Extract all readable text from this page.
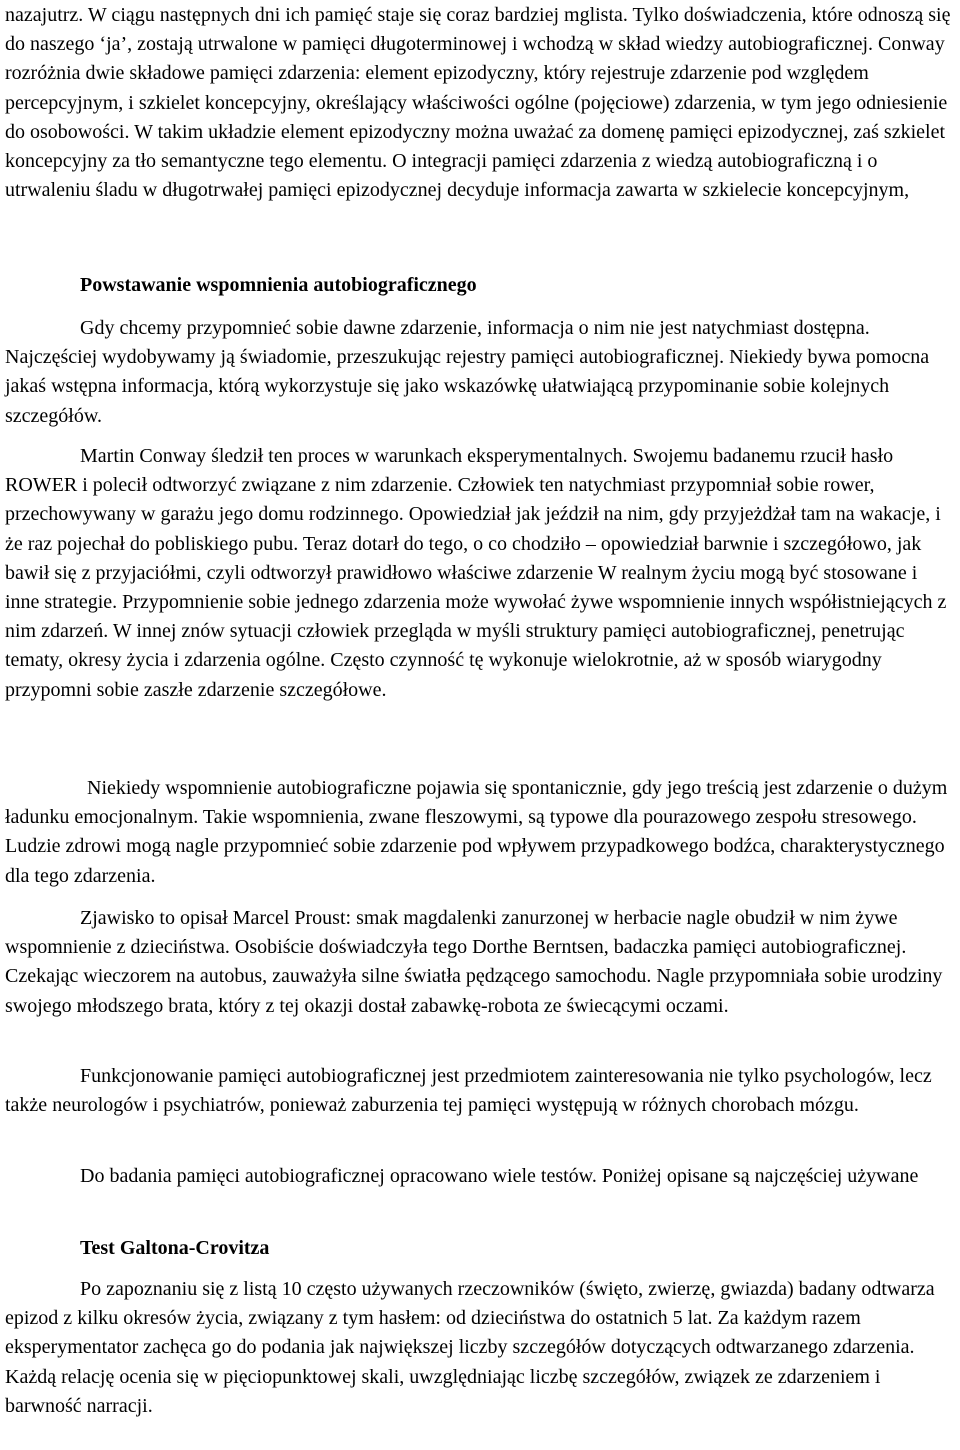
nazajutrz. W ciągu następnych dni ich pamięć staje się coraz bardziej mglista. Tylko doświadczenia, które odnoszą się do naszego ‘ja’, zostają utrwalone w pamięci długoterminowej i wchodzą w skład wiedzy autobiograficznej. Conway rozróżnia dwie składowe pamięci zdarzenia: element epizodyczny, który rejestruje zdarzenie pod względem percepcyjnym, i szkielet koncepcyjny, określający właściwości ogólne (pojęciowe) zdarzenia, w tym jego odniesienie do osobowości. W takim układzie element epizodyczny można uważać za domenę pamięci epizodycznej, zaś szkielet koncepcyjny za tło semantyczne tego elementu. O integracji pamięci zdarzenia z wiedzą autobiograficzną i o utrwaleniu śladu w długotrwałej pamięci epizodycznej decyduje informacja zawarta w szkielecie koncepcyjnym,

Powstawanie wspomnienia autobiograficznego

Gdy chcemy przypomnieć sobie dawne zdarzenie, informacja o nim nie jest natychmiast dostępna. Najczęściej wydobywamy ją świadomie, przeszukując rejestry pamięci autobiograficznej. Niekiedy bywa pomocna jakaś wstępna informacja, którą wykorzystuje się jako wskazówkę ułatwiającą przypominanie sobie kolejnych szczegółów.

Martin Conway śledził ten proces w warunkach eksperymentalnych. Swojemu badanemu rzucił hasło ROWER i polecił odtworzyć związane z nim zdarzenie. Człowiek ten natychmiast przypomniał sobie rower, przechowywany w garażu jego domu rodzinnego. Opowiedział jak jeździł na nim, gdy przyjeżdżał tam na wakacje, i że raz pojechał do pobliskiego pubu. Teraz dotarł do tego, o co chodziło – opowiedział barwnie i szczegółowo, jak bawił się z przyjaciółmi, czyli odtworzył prawidłowo właściwe zdarzenie W realnym życiu mogą być stosowane i inne strategie. Przypomnienie sobie jednego zdarzenia może wywołać żywe wspomnienie innych współistniejących z nim zdarzeń. W innej znów sytuacji człowiek przegląda w myśli struktury pamięci autobiograficznej, penetrując tematy, okresy życia i zdarzenia ogólne. Często czynność tę wykonuje wielokrotnie, aż w sposób wiarygodny przypomni sobie zaszłe zdarzenie szczegółowe.

Niekiedy wspomnienie autobiograficzne pojawia się spontanicznie, gdy jego treścią jest zdarzenie o dużym ładunku emocjonalnym. Takie wspomnienia, zwane fleszowymi, są typowe dla pourazowego zespołu stresowego. Ludzie zdrowi mogą nagle przypomnieć sobie zdarzenie pod wpływem przypadkowego bodźca, charakterystycznego dla tego zdarzenia.

Zjawisko to opisał Marcel Proust: smak magdalenki zanurzonej w herbacie nagle obudził w nim żywe wspomnienie z dzieciństwa. Osobiście doświadczyła tego Dorthe Berntsen, badaczka pamięci autobiograficznej. Czekając wieczorem na autobus, zauważyła silne światła pędzącego samochodu. Nagle przypomniała sobie urodziny swojego młodszego brata, który z tej okazji dostał zabawkę-robota ze świecącymi oczami.

Funkcjonowanie pamięci autobiograficznej jest przedmiotem zainteresowania nie tylko psychologów, lecz także neurologów i psychiatrów, ponieważ zaburzenia tej pamięci występują w różnych chorobach mózgu.

Do badania pamięci autobiograficznej opracowano wiele testów. Poniżej opisane są najczęściej używane

Test Galtona-Crovitza

Po zapoznaniu się z listą 10 często używanych rzeczowników (święto, zwierzę, gwiazda) badany odtwarza epizod z kilku okresów życia, związany z tym hasłem: od dzieciństwa do ostatnich 5 lat. Za każdym razem eksperymentator zachęca go do podania jak największej liczby szczegółów dotyczących odtwarzanego zdarzenia. Każdą relację ocenia się w pięciopunktowej skali, uwzględniając liczbę szczegółów, związek ze zdarzeniem i barwność narracji.
